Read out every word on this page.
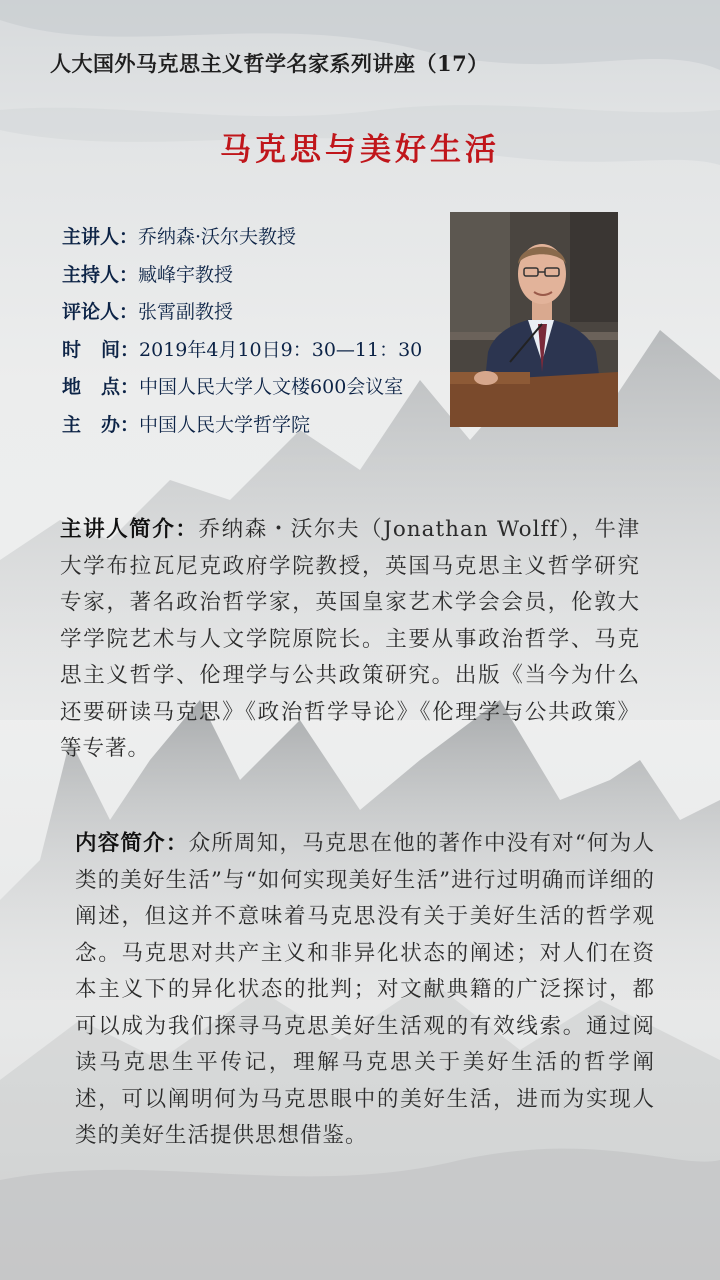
人大国外马克思主义哲学名家系列讲座（17）
马克思与美好生活
主讲人：乔纳森·沃尔夫教授
主持人：臧峰宇教授
评论人：张霄副教授
时间：2019年4月10日9：30—11：30
地点：中国人民大学人文楼600会议室
主办：中国人民大学哲学院
主讲人简介：乔纳森・沃尔夫（Jonathan Wolff），牛津大学布拉瓦尼克政府学院教授，英国马克思主义哲学研究专家，著名政治哲学家，英国皇家艺术学会会员，伦敦大学学院艺术与人文学院原院长。主要从事政治哲学、马克思主义哲学、伦理学与公共政策研究。出版《当今为什么还要研读马克思》《政治哲学导论》《伦理学与公共政策》等专著。
内容简介：众所周知，马克思在他的著作中没有对“何为人类的美好生活”与“如何实现美好生活”进行过明确而详细的阐述，但这并不意味着马克思没有关于美好生活的哲学观念。马克思对共产主义和非异化状态的阐述；对人们在资本主义下的异化状态的批判；对文献典籍的广泛探讨，都可以成为我们探寻马克思美好生活观的有效线索。通过阅读马克思生平传记，理解马克思关于美好生活的哲学阐述，可以阐明何为马克思眼中的美好生活，进而为实现人类的美好生活提供思想借鉴。
